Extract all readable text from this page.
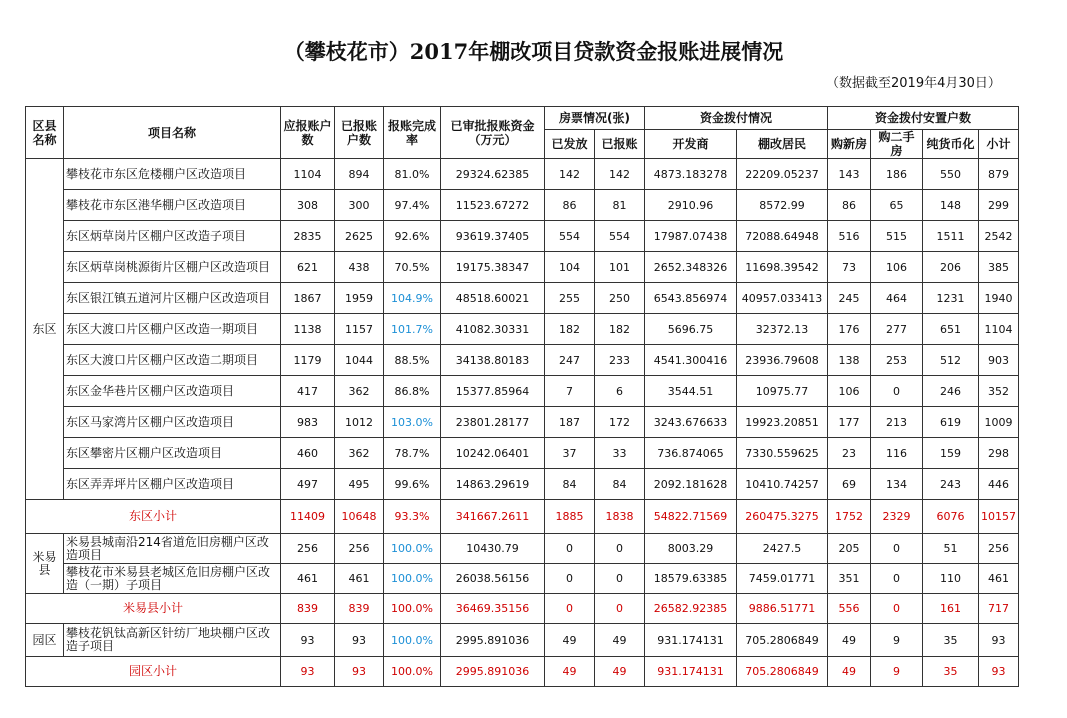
（攀枝花市）2017年棚改项目贷款资金报账进展情况
（数据截至2019年4月30日）
区县名称	项目名称	应报账户数	已报账户数	报账完成率	已审批报账资金（万元）	房票情况(张)		资金拨付情况		资金拨付安置户数			
						已发放	已报账	开发商	棚改居民	购新房	购二手房	纯货币化	小计
东区	攀枝花市东区危楼棚户区改造项目	1104	894	81.0%	29324.62385	142	142	4873.183278	22209.05237	143	186	550	879
	攀枝花市东区港华棚户区改造项目	308	300	97.4%	11523.67272	86	81	2910.96	8572.99	86	65	148	299
	东区炳草岗片区棚户区改造子项目	2835	2625	92.6%	93619.37405	554	554	17987.07438	72088.64948	516	515	1511	2542
	东区炳草岗桃源街片区棚户区改造项目	621	438	70.5%	19175.38347	104	101	2652.348326	11698.39542	73	106	206	385
	东区银江镇五道河片区棚户区改造项目	1867	1959	104.9%	48518.60021	255	250	6543.856974	40957.033413	245	464	1231	1940
	东区大渡口片区棚户区改造一期项目	1138	1157	101.7%	41082.30331	182	182	5696.75	32372.13	176	277	651	1104
	东区大渡口片区棚户区改造二期项目	1179	1044	88.5%	34138.80183	247	233	4541.300416	23936.79608	138	253	512	903
	东区金华巷片区棚户区改造项目	417	362	86.8%	15377.85964	7	6	3544.51	10975.77	106	0	246	352
	东区马家湾片区棚户区改造项目	983	1012	103.0%	23801.28177	187	172	3243.676633	19923.20851	177	213	619	1009
	东区攀密片区棚户区改造项目	460	362	78.7%	10242.06401	37	33	736.874065	7330.559625	23	116	159	298
	东区弄弄坪片区棚户区改造项目	497	495	99.6%	14863.29619	84	84	2092.181628	10410.74257	69	134	243	446
东区小计		11409	10648	93.3%	341667.2611	1885	1838	54822.71569	260475.3275	1752	2329	6076	10157
米易县	米易县城南沿214省道危旧房棚户区改造项目	256	256	100.0%	10430.79	0	0	8003.29	2427.5	205	0	51	256
	攀枝花市米易县老城区危旧房棚户区改造（一期）子项目	461	461	100.0%	26038.56156	0	0	18579.63385	7459.01771	351	0	110	461
米易县小计		839	839	100.0%	36469.35156	0	0	26582.92385	9886.51771	556	0	161	717
园区	攀枝花钒钛高新区针纺厂地块棚户区改造子项目	93	93	100.0%	2995.891036	49	49	931.174131	705.2806849	49	9	35	93
园区小计		93	93	100.0%	2995.891036	49	49	931.174131	705.2806849	49	9	35	93
